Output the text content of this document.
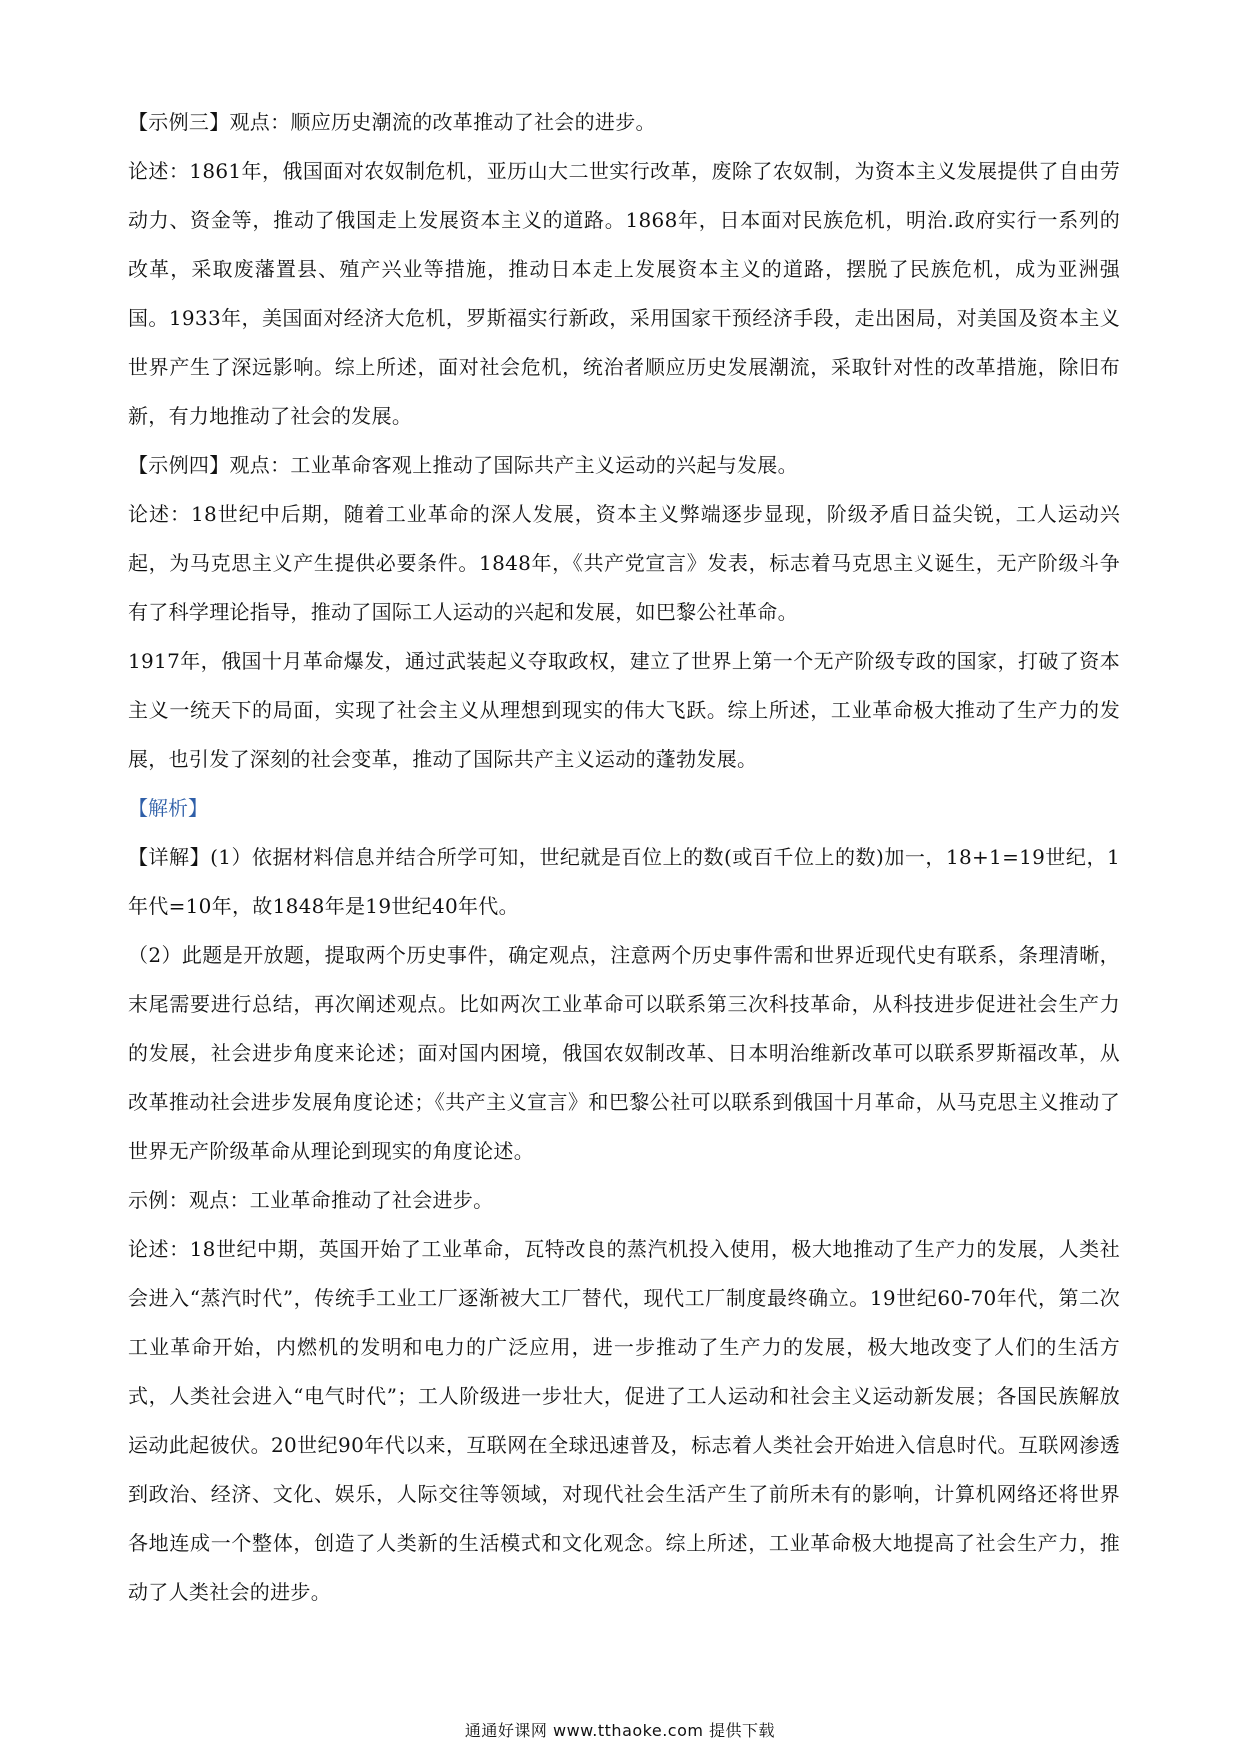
【示例三】观点：顺应历史潮流的改革推动了社会的进步。

论述：1861年，俄国面对农奴制危机，亚历山大二世实行改革，废除了农奴制，为资本主义发展提供了自由劳动力、资金等，推动了俄国走上发展资本主义的道路。1868年，日本面对民族危机，明治.政府实行一系列的改革，采取废藩置县、殖产兴业等措施，推动日本走上发展资本主义的道路，摆脱了民族危机，成为亚洲强国。1933年，美国面对经济大危机，罗斯福实行新政，采用国家干预经济手段，走出困局，对美国及资本主义世界产生了深远影响。综上所述，面对社会危机，统治者顺应历史发展潮流，采取针对性的改革措施，除旧布新，有力地推动了社会的发展。

【示例四】观点：工业革命客观上推动了国际共产主义运动的兴起与发展。

论述：18世纪中后期，随着工业革命的深人发展，资本主义弊端逐步显现，阶级矛盾日益尖锐，工人运动兴起，为马克思主义产生提供必要条件。1848年，《共产党宣言》发表，标志着马克思主义诞生，无产阶级斗争有了科学理论指导，推动了国际工人运动的兴起和发展，如巴黎公社革命。

1917年，俄国十月革命爆发，通过武装起义夺取政权，建立了世界上第一个无产阶级专政的国家，打破了资本主义一统天下的局面，实现了社会主义从理想到现实的伟大飞跃。综上所述，工业革命极大推动了生产力的发展，也引发了深刻的社会变革，推动了国际共产主义运动的蓬勃发展。

【解析】

【详解】(1）依据材料信息并结合所学可知，世纪就是百位上的数(或百千位上的数)加一，18+1=19世纪，1年代=10年，故1848年是19世纪40年代。

（2）此题是开放题，提取两个历史事件，确定观点，注意两个历史事件需和世界近现代史有联系，条理清晰，末尾需要进行总结，再次阐述观点。比如两次工业革命可以联系第三次科技革命，从科技进步促进社会生产力的发展，社会进步角度来论述；面对国内困境，俄国农奴制改革、日本明治维新改革可以联系罗斯福改革，从改革推动社会进步发展角度论述；《共产主义宣言》和巴黎公社可以联系到俄国十月革命，从马克思主义推动了世界无产阶级革命从理论到现实的角度论述。

示例：观点：工业革命推动了社会进步。

论述：18世纪中期，英国开始了工业革命，瓦特改良的蒸汽机投入使用，极大地推动了生产力的发展，人类社会进入“蒸汽时代”，传统手工业工厂逐渐被大工厂替代，现代工厂制度最终确立。19世纪60-70年代，第二次工业革命开始，内燃机的发明和电力的广泛应用，进一步推动了生产力的发展，极大地改变了人们的生活方式，人类社会进入“电气时代”；工人阶级进一步壮大，促进了工人运动和社会主义运动新发展；各国民族解放运动此起彼伏。20世纪90年代以来，互联网在全球迅速普及，标志着人类社会开始进入信息时代。互联网渗透到政治、经济、文化、娱乐，人际交往等领域，对现代社会生活产生了前所未有的影响，计算机网络还将世界各地连成一个整体，创造了人类新的生活模式和文化观念。综上所述，工业革命极大地提高了社会生产力，推动了人类社会的进步。

通通好课网 www.tthaoke.com 提供下载
